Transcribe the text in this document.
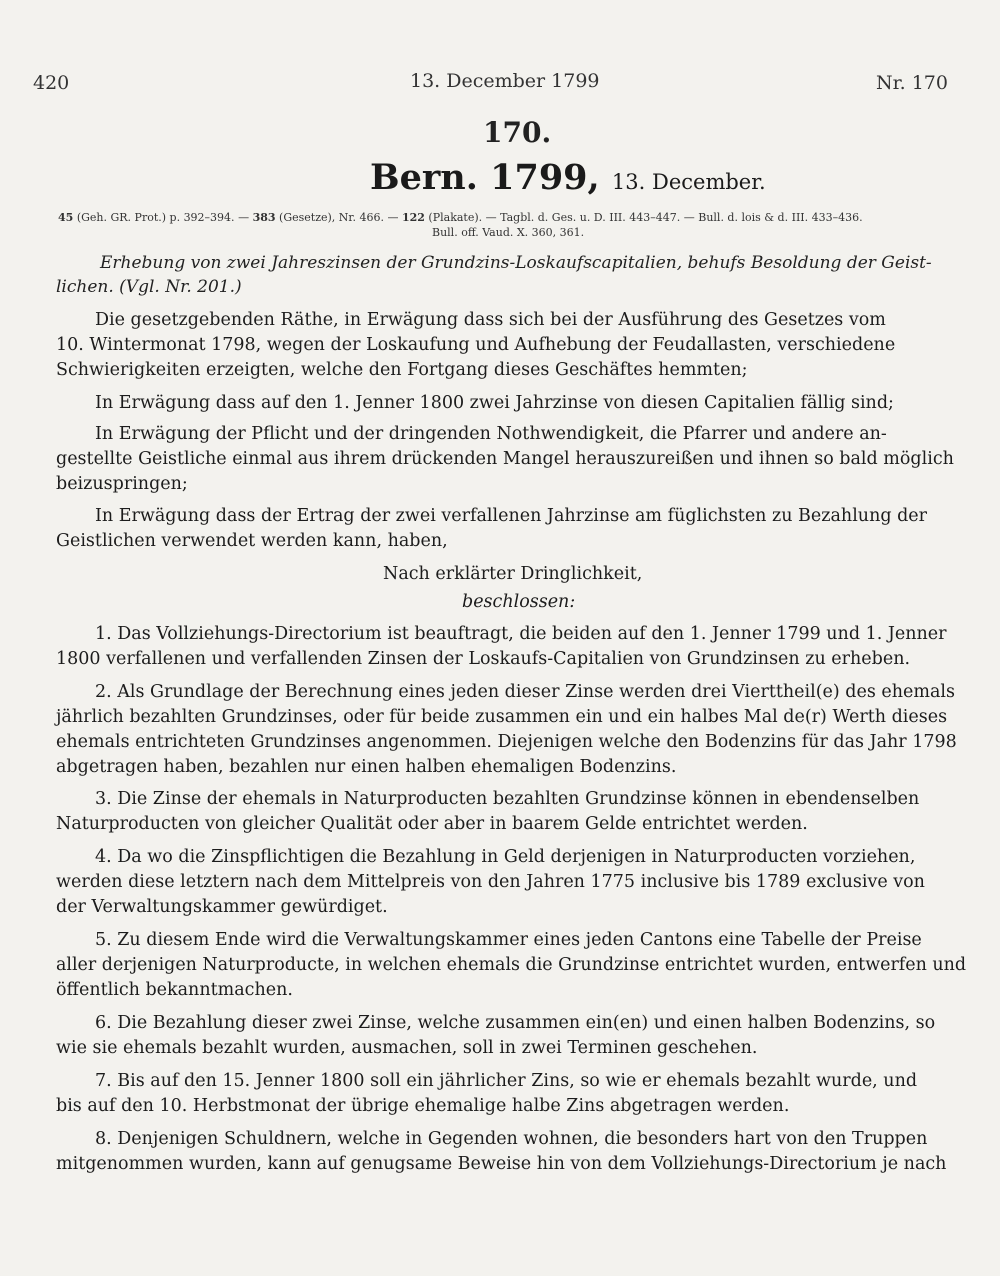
420	13. December 1799	Nr. 170
170.
Bern. 1799, 13. December.
45 (Geh. GR. Prot.) p. 392–394. — 383 (Gesetze), Nr. 466. — 122 (Plakate). — Tagbl. d. Ges. u. D. III. 443–447. — Bull. d. lois & d. III. 433–436.
Bull. off. Vaud. X. 360, 361.
Erhebung von zwei Jahreszinsen der Grundzins-Loskaufscapitalien, behufs Besoldung der Geist-
lichen. (Vgl. Nr. 201.)
Die gesetzgebenden Räthe, in Erwägung dass sich bei der Ausführung des Gesetzes vom
10. Wintermonat 1798, wegen der Loskaufung und Aufhebung der Feudallasten, verschiedene
Schwierigkeiten erzeigten, welche den Fortgang dieses Geschäftes hemmten;
In Erwägung dass auf den 1. Jenner 1800 zwei Jahrzinse von diesen Capitalien fällig sind;
In Erwägung der Pflicht und der dringenden Nothwendigkeit, die Pfarrer und andere an-
gestellte Geistliche einmal aus ihrem drückenden Mangel herauszureißen und ihnen so bald möglich
beizuspringen;
In Erwägung dass der Ertrag der zwei verfallenen Jahrzinse am füglichsten zu Bezahlung der
Geistlichen verwendet werden kann, haben,
Nach erklärter Dringlichkeit,
beschlossen:
1. Das Vollziehungs-Directorium ist beauftragt, die beiden auf den 1. Jenner 1799 und 1. Jenner
1800 verfallenen und verfallenden Zinsen der Loskaufs-Capitalien von Grundzinsen zu erheben.
2. Als Grundlage der Berechnung eines jeden dieser Zinse werden drei Vierttheil(e) des ehemals
jährlich bezahlten Grundzinses, oder für beide zusammen ein und ein halbes Mal de(r) Werth dieses
ehemals entrichteten Grundzinses angenommen. Diejenigen welche den Bodenzins für das Jahr 1798
abgetragen haben, bezahlen nur einen halben ehemaligen Bodenzins.
3. Die Zinse der ehemals in Naturproducten bezahlten Grundzinse können in ebendenselben
Naturproducten von gleicher Qualität oder aber in baarem Gelde entrichtet werden.
4. Da wo die Zinspflichtigen die Bezahlung in Geld derjenigen in Naturproducten vorziehen,
werden diese letztern nach dem Mittelpreis von den Jahren 1775 inclusive bis 1789 exclusive von
der Verwaltungskammer gewürdiget.
5. Zu diesem Ende wird die Verwaltungskammer eines jeden Cantons eine Tabelle der Preise
aller derjenigen Naturproducte, in welchen ehemals die Grundzinse entrichtet wurden, entwerfen und
öffentlich bekanntmachen.
6. Die Bezahlung dieser zwei Zinse, welche zusammen ein(en) und einen halben Bodenzins, so
wie sie ehemals bezahlt wurden, ausmachen, soll in zwei Terminen geschehen.
7. Bis auf den 15. Jenner 1800 soll ein jährlicher Zins, so wie er ehemals bezahlt wurde, und
bis auf den 10. Herbstmonat der übrige ehemalige halbe Zins abgetragen werden.
8. Denjenigen Schuldnern, welche in Gegenden wohnen, die besonders hart von den Truppen
mitgenommen wurden, kann auf genugsame Beweise hin von dem Vollziehungs-Directorium je nach
